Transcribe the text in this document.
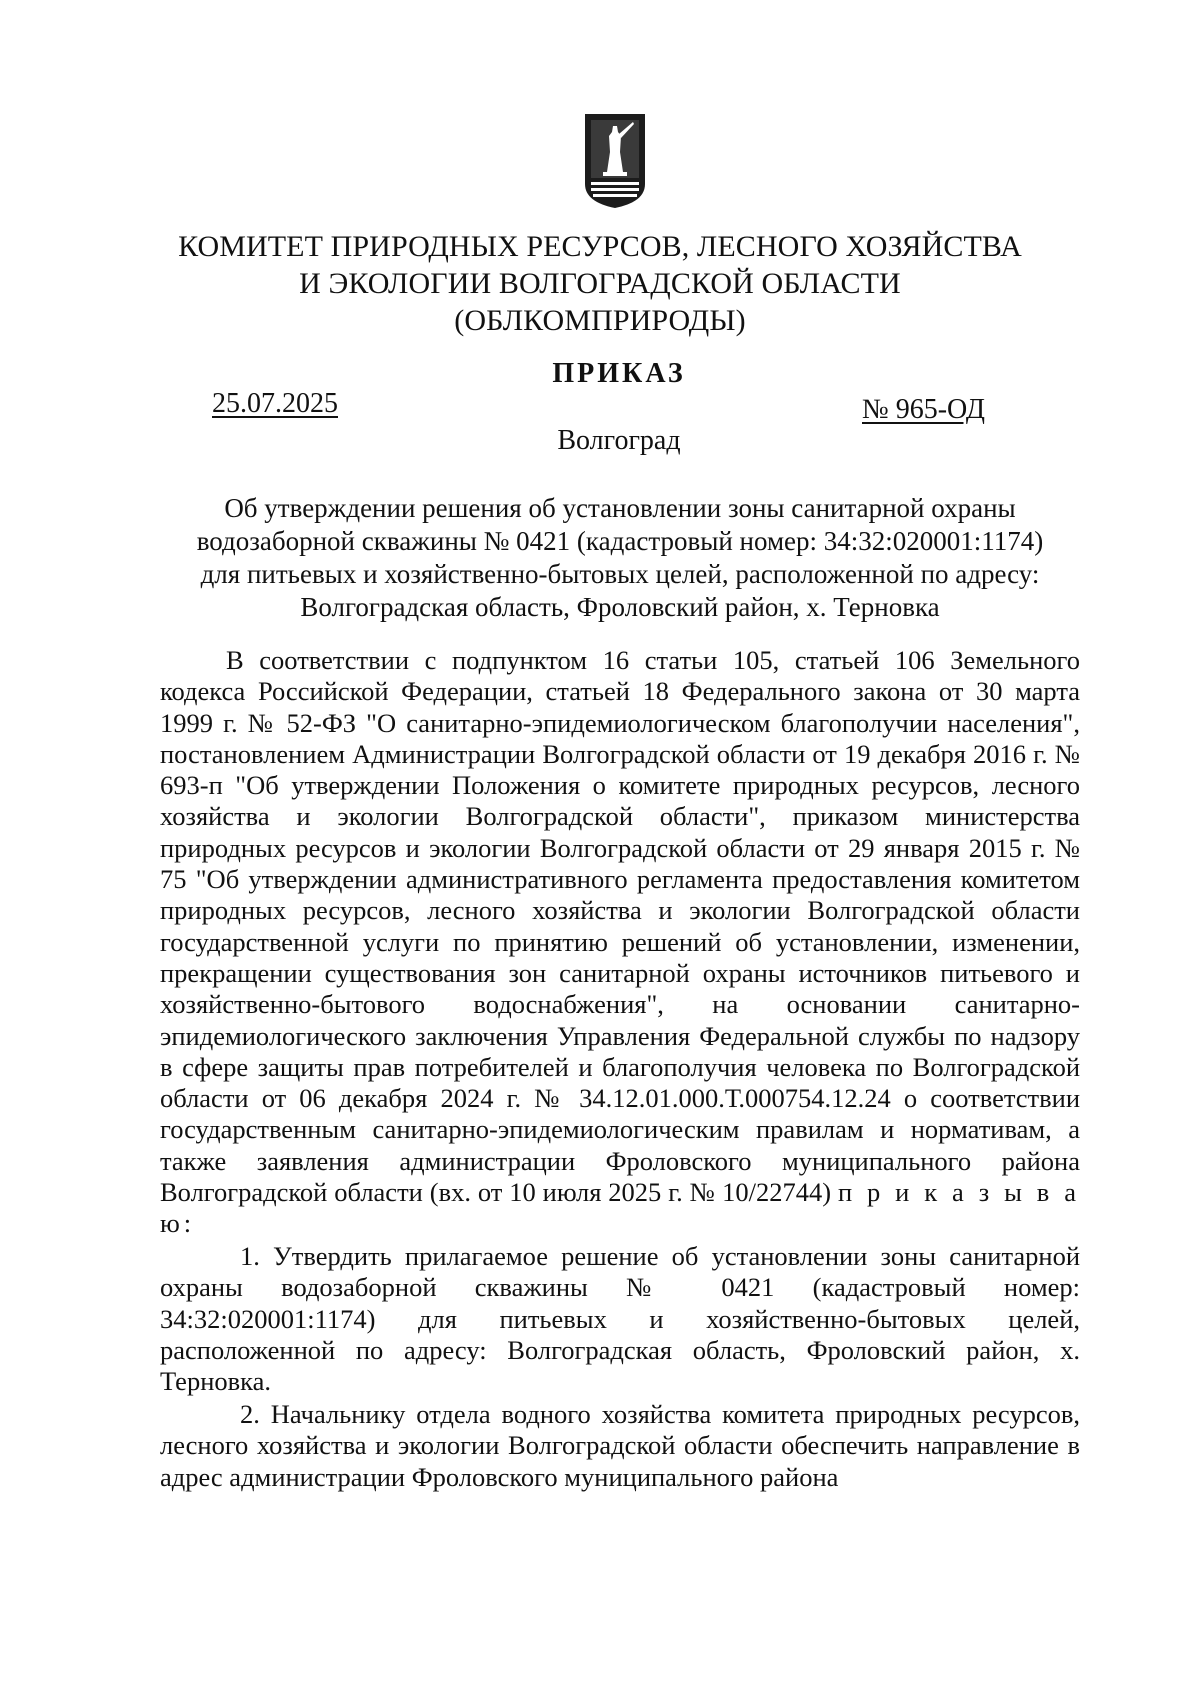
КОМИТЕТ ПРИРОДНЫХ РЕСУРСОВ, ЛЕСНОГО ХОЗЯЙСТВА
И ЭКОЛОГИИ ВОЛГОГРАДСКОЙ ОБЛАСТИ
(ОБЛКОМПРИРОДЫ)
ПРИКАЗ
25.07.2025	№ 965-ОД
Волгоград
Об утверждении решения об установлении зоны санитарной охраны
водозаборной скважины № 0421 (кадастровый номер: 34:32:020001:1174)
для питьевых и хозяйственно-бытовых целей, расположенной по адресу:
Волгоградская область, Фроловский район, х. Терновка

В соответствии с подпунктом 16 статьи 105, статьей 106 Земельного кодекса Российской Федерации, статьей 18 Федерального закона от 30 марта 1999 г. № 52-ФЗ "О санитарно-эпидемиологическом благополучии населения", постановлением Администрации Волгоградской области от 19 декабря 2016 г. № 693-п "Об утверждении Положения о комитете природных ресурсов, лесного хозяйства и экологии Волгоградской области", приказом министерства природных ресурсов и экологии Волгоградской области от 29 января 2015 г. № 75 "Об утверждении административного регламента предоставления комитетом природных ресурсов, лесного хозяйства и экологии Волгоградской области государственной услуги по принятию решений об установлении, изменении, прекращении существования зон санитарной охраны источников питьевого и хозяйственно-бытового водоснабжения", на основании санитарно-эпидемиологического заключения Управления Федеральной службы по надзору в сфере защиты прав потребителей и благополучия человека по Волгоградской области от 06 декабря 2024 г. № 34.12.01.000.Т.000754.12.24 о соответствии государственным санитарно-эпидемиологическим правилам и нормативам, а также заявления администрации Фроловского муниципального района Волгоградской области (вх. от 10 июля 2025 г. № 10/22744) п р и к а з ы в а ю:

1. Утвердить прилагаемое решение об установлении зоны санитарной охраны водозаборной скважины № 0421 (кадастровый номер: 34:32:020001:1174) для питьевых и хозяйственно-бытовых целей, расположенной по адресу: Волгоградская область, Фроловский район, х. Терновка.

2. Начальнику отдела водного хозяйства комитета природных ресурсов, лесного хозяйства и экологии Волгоградской области обеспечить направление в адрес администрации Фроловского муниципального района
